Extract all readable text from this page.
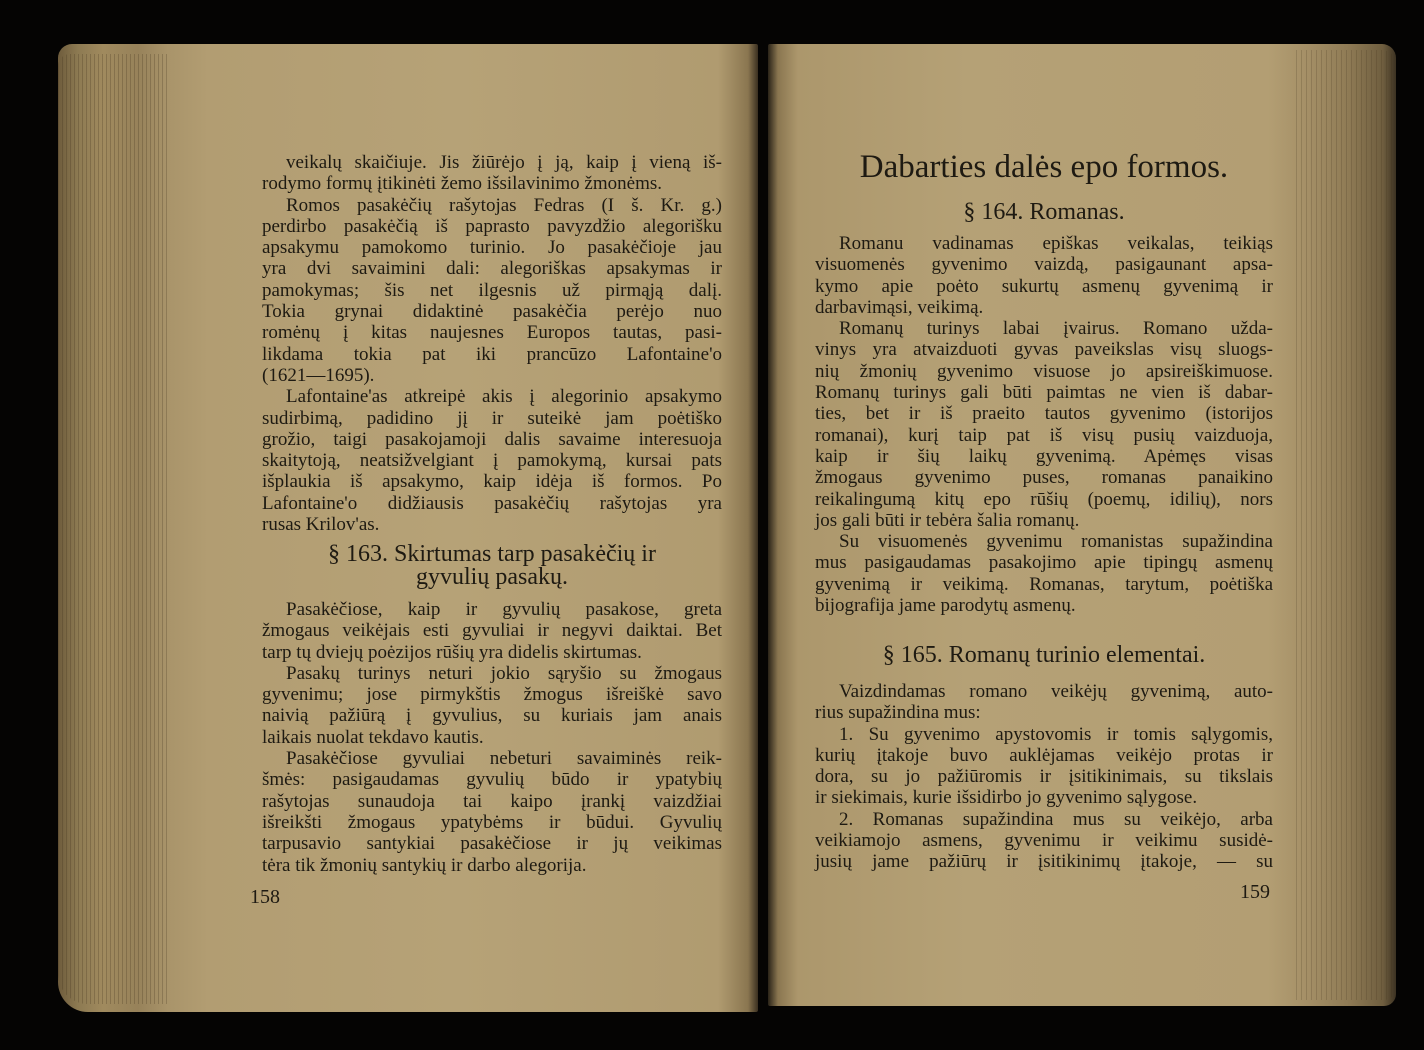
veikalų skaičiuje. Jis žiūrėjo į ją, kaip į vieną iš-
rodymo formų įtikinėti žemo išsilavinimo žmonėms.
Romos pasakėčių rašytojas Fedras (I š. Kr. g.)
perdirbo pasakėčią iš paprasto pavyzdžio alegorišku
apsakymu pamokomo turinio. Jo pasakėčioje jau
yra dvi savaimini dali: alegoriškas apsakymas ir
pamokymas; šis net ilgesnis už pirmąją dalį.
Tokia grynai didaktinė pasakėčia perėjo nuo
romėnų į kitas naujesnes Europos tautas, pasi-
likdama tokia pat iki prancūzo Lafontaine'o
(1621—1695).
Lafontaine'as atkreipė akis į alegorinio apsakymo
sudirbimą, padidino jį ir suteikė jam poėtiško
grožio, taigi pasakojamoji dalis savaime interesuoja
skaitytoją, neatsižvelgiant į pamokymą, kursai pats
išplaukia iš apsakymo, kaip idėja iš formos. Po
Lafontaine'o didžiausis pasakėčių rašytojas yra
rusas Krilov'as.
§ 163. Skirtumas tarp pasakėčių ir
gyvulių pasakų.
Pasakėčiose, kaip ir gyvulių pasakose, greta
žmogaus veikėjais esti gyvuliai ir negyvi daiktai. Bet
tarp tų dviejų poėzijos rūšių yra didelis skirtumas.
Pasakų turinys neturi jokio sąryšio su žmogaus
gyvenimu; jose pirmykštis žmogus išreiškė savo
naivią pažiūrą į gyvulius, su kuriais jam anais
laikais nuolat tekdavo kautis.
Pasakėčiose gyvuliai nebeturi savaiminės reik-
šmės: pasigaudamas gyvulių būdo ir ypatybių
rašytojas sunaudoja tai kaipo įrankį vaizdžiai
išreikšti žmogaus ypatybėms ir būdui. Gyvulių
tarpusavio santykiai pasakėčiose ir jų veikimas
tėra tik žmonių santykių ir darbo alegorija.
158
Dabarties dalės epo formos.
§ 164. Romanas.
Romanu vadinamas epiškas veikalas, teikiąs
visuomenės gyvenimo vaizdą, pasigaunant apsa-
kymo apie poėto sukurtų asmenų gyvenimą ir
darbavimąsi, veikimą.
Romanų turinys labai įvairus. Romano užda-
vinys yra atvaizduoti gyvas paveikslas visų sluogs-
nių žmonių gyvenimo visuose jo apsireiškimuose.
Romanų turinys gali būti paimtas ne vien iš dabar-
ties, bet ir iš praeito tautos gyvenimo (istorijos
romanai), kurį taip pat iš visų pusių vaizduoja,
kaip ir šių laikų gyvenimą. Apėmęs visas
žmogaus gyvenimo puses, romanas panaikino
reikalingumą kitų epo rūšių (poemų, idilių), nors
jos gali būti ir tebėra šalia romanų.
Su visuomenės gyvenimu romanistas supažindina
mus pasigaudamas pasakojimo apie tipingų asmenų
gyvenimą ir veikimą. Romanas, tarytum, poėtiška
bijografija jame parodytų asmenų.
§ 165. Romanų turinio elementai.
Vaizdindamas romano veikėjų gyvenimą, auto-
rius supažindina mus:
1. Su gyvenimo apystovomis ir tomis sąlygomis,
kurių įtakoje buvo auklėjamas veikėjo protas ir
dora, su jo pažiūromis ir įsitikinimais, su tikslais
ir siekimais, kurie išsidirbo jo gyvenimo sąlygose.
2. Romanas supažindina mus su veikėjo, arba
veikiamojo asmens, gyvenimu ir veikimu susidė-
jusių jame pažiūrų ir įsitikinimų įtakoje, — su
159
